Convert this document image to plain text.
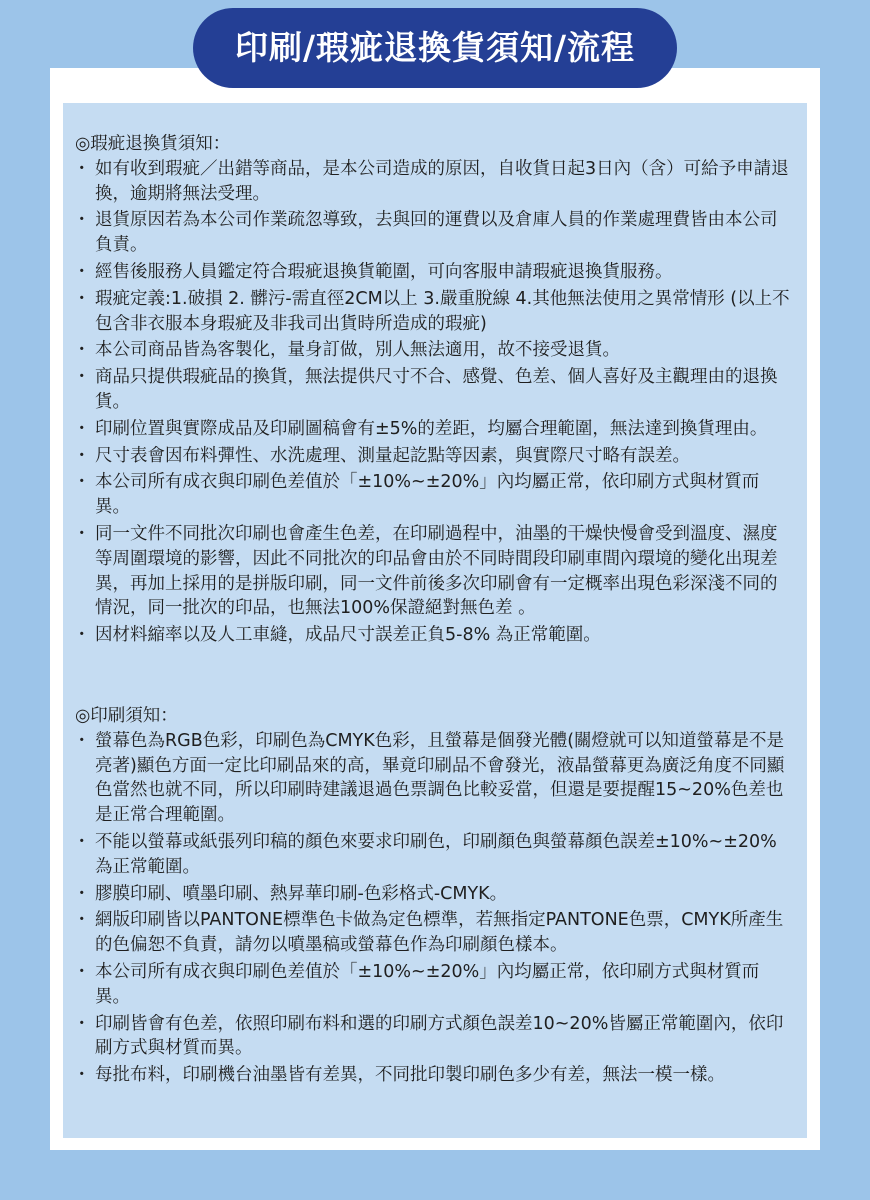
印刷/瑕疵退換貨須知/流程
◎瑕疵退換貨須知：
・ 如有收到瑕疵／出錯等商品，是本公司造成的原因，自收貨日起3日內（含）可給予申請退換，逾期將無法受理。
・ 退貨原因若為本公司作業疏忽導致，去與回的運費以及倉庫人員的作業處理費皆由本公司負責。
・ 經售後服務人員鑑定符合瑕疵退換貨範圍，可向客服申請瑕疵退換貨服務。
・ 瑕疵定義:1.破損 2. 髒污-需直徑2CM以上 3.嚴重脫線 4.其他無法使用之異常情形 (以上不包含非衣服本身瑕疵及非我司出貨時所造成的瑕疵)
・ 本公司商品皆為客製化，量身訂做，別人無法適用，故不接受退貨。
・ 商品只提供瑕疵品的換貨，無法提供尺寸不合、感覺、色差、個人喜好及主觀理由的退換貨。
・ 印刷位置與實際成品及印刷圖稿會有±5%的差距，均屬合理範圍，無法達到換貨理由。
・ 尺寸表會因布料彈性、水洗處理、測量起訖點等因素，與實際尺寸略有誤差。
・ 本公司所有成衣與印刷色差值於「±10%~±20%」內均屬正常，依印刷方式與材質而異。
・ 同一文件不同批次印刷也會產生色差，在印刷過程中，油墨的干燥快慢會受到溫度、濕度等周圍環境的影響，因此不同批次的印品會由於不同時間段印刷車間內環境的變化出現差異，再加上採用的是拼版印刷，同一文件前後多次印刷會有一定概率出現色彩深淺不同的情況，同一批次的印品，也無法100%保證絕對無色差 。
・ 因材料縮率以及人工車縫，成品尺寸誤差正負5-8% 為正常範圍。
◎印刷須知：
・ 螢幕色為RGB色彩，印刷色為CMYK色彩，且螢幕是個發光體(關燈就可以知道螢幕是不是亮著)顯色方面一定比印刷品來的高，畢竟印刷品不會發光，液晶螢幕更為廣泛角度不同顯色當然也就不同，所以印刷時建議退過色票調色比較妥當，但還是要提醒15~20%色差也是正常合理範圍。
・ 不能以螢幕或紙張列印稿的顏色來要求印刷色，印刷顏色與螢幕顏色誤差±10%~±20%為正常範圍。
・ 膠膜印刷、噴墨印刷、熱昇華印刷-色彩格式-CMYK。
・ 網版印刷皆以PANTONE標準色卡做為定色標準，若無指定PANTONE色票，CMYK所產生的色偏恕不負責，請勿以噴墨稿或螢幕色作為印刷顏色樣本。
・ 本公司所有成衣與印刷色差值於「±10%~±20%」內均屬正常，依印刷方式與材質而異。
・ 印刷皆會有色差，依照印刷布料和選的印刷方式顏色誤差10~20%皆屬正常範圍內，依印刷方式與材質而異。
・ 每批布料，印刷機台油墨皆有差異，不同批印製印刷色多少有差，無法一模一樣。
